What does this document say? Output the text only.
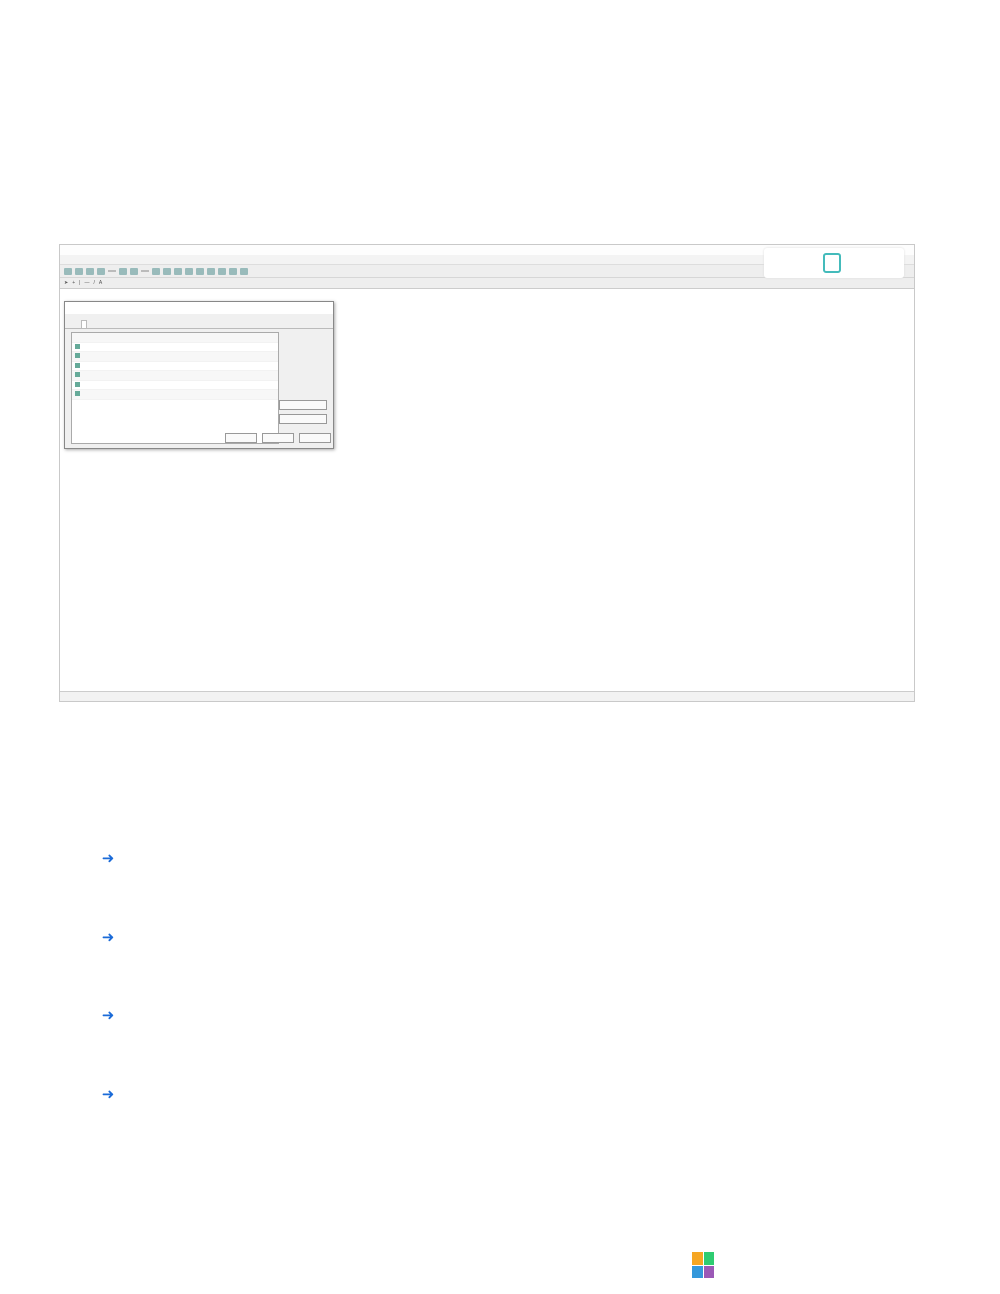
➤ + | — / A
➜

➜

➜

➜
